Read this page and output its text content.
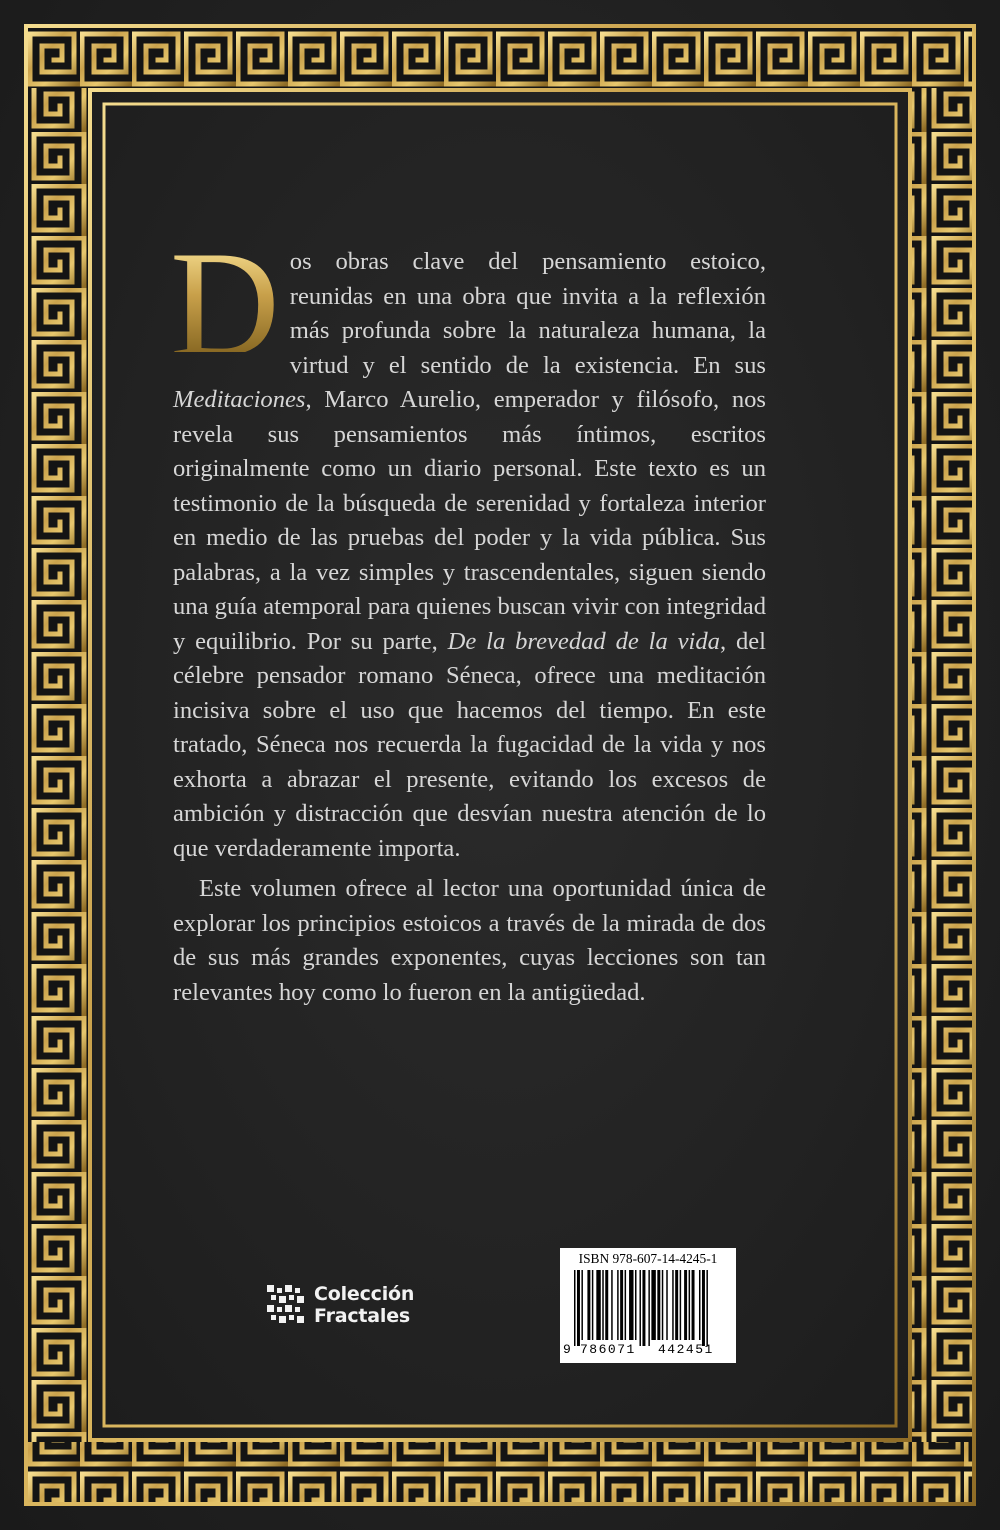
D os obras clave del pensamiento estoico, reunidas en una obra que invita a la reflexión más profunda sobre la naturaleza humana, la virtud y el sentido de la existencia. En sus Meditaciones, Marco Aurelio, emperador y filósofo, nos revela sus pensamientos más íntimos, escritos originalmente como un diario personal. Este texto es un testimonio de la búsqueda de serenidad y fortaleza interior en medio de las pruebas del poder y la vida pública. Sus palabras, a la vez simples y trascendentales, siguen siendo una guía atemporal para quienes buscan vivir con integridad y equilibrio. Por su parte, De la brevedad de la vida, del célebre pensador romano Séneca, ofrece una meditación incisiva sobre el uso que hacemos del tiempo. En este tratado, Séneca nos recuerda la fugacidad de la vida y nos exhorta a abrazar el presente, evitando los excesos de ambición y distracción que desvían nuestra atención de lo que verdaderamente importa.

Este volumen ofrece al lector una oportunidad única de explorar los principios estoicos a través de la mirada de dos de sus más grandes exponentes, cuyas lecciones son tan relevantes hoy como lo fueron en la antigüedad.

Colección
Fractales
ISBN 978-607-14-4245-1
9 786071 442451
